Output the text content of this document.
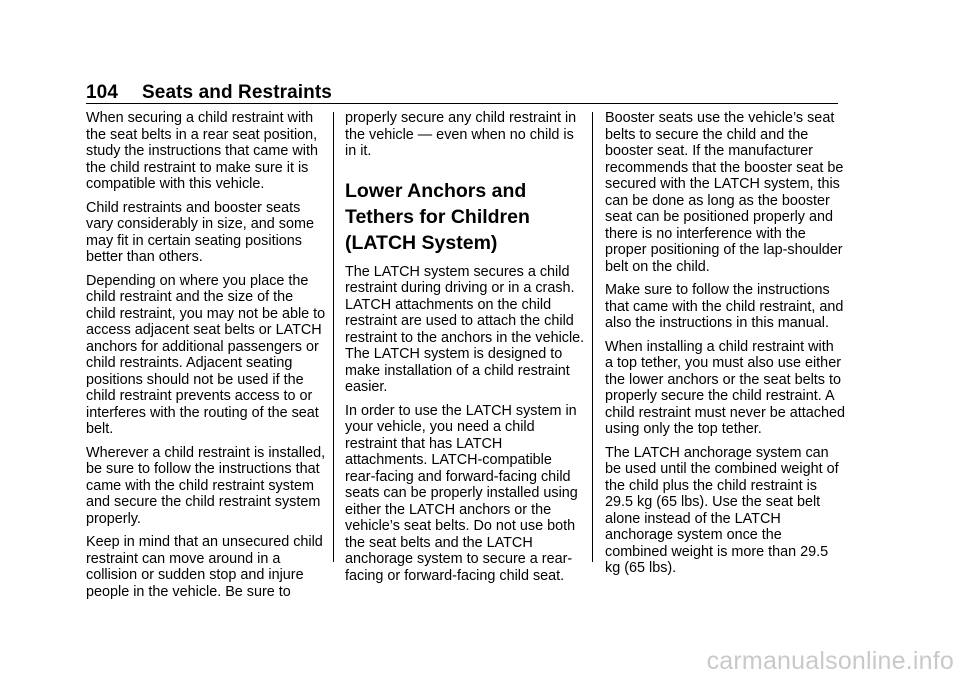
104 Seats and Restraints

When securing a child restraint with the seat belts in a rear seat position, study the instructions that came with the child restraint to make sure it is compatible with this vehicle.

Child restraints and booster seats vary considerably in size, and some may fit in certain seating positions better than others.

Depending on where you place the child restraint and the size of the child restraint, you may not be able to access adjacent seat belts or LATCH anchors for additional passengers or child restraints. Adjacent seating positions should not be used if the child restraint prevents access to or interferes with the routing of the seat belt.

Wherever a child restraint is installed, be sure to follow the instructions that came with the child restraint system and secure the child restraint system properly.

Keep in mind that an unsecured child restraint can move around in a collision or sudden stop and injure people in the vehicle. Be sure to

properly secure any child restraint in the vehicle — even when no child is in it.

Lower Anchors and Tethers for Children (LATCH System)

The LATCH system secures a child restraint during driving or in a crash. LATCH attachments on the child restraint are used to attach the child restraint to the anchors in the vehicle. The LATCH system is designed to make installation of a child restraint easier.

In order to use the LATCH system in your vehicle, you need a child restraint that has LATCH attachments. LATCH-compatible rear-facing and forward-facing child seats can be properly installed using either the LATCH anchors or the vehicle’s seat belts. Do not use both the seat belts and the LATCH anchorage system to secure a rear-facing or forward-facing child seat.

Booster seats use the vehicle’s seat belts to secure the child and the booster seat. If the manufacturer recommends that the booster seat be secured with the LATCH system, this can be done as long as the booster seat can be positioned properly and there is no interference with the proper positioning of the lap-shoulder belt on the child.

Make sure to follow the instructions that came with the child restraint, and also the instructions in this manual.

When installing a child restraint with a top tether, you must also use either the lower anchors or the seat belts to properly secure the child restraint. A child restraint must never be attached using only the top tether.

The LATCH anchorage system can be used until the combined weight of the child plus the child restraint is 29.5 kg (65 lbs). Use the seat belt alone instead of the LATCH anchorage system once the combined weight is more than 29.5 kg (65 lbs).

carmanualsonline.info
